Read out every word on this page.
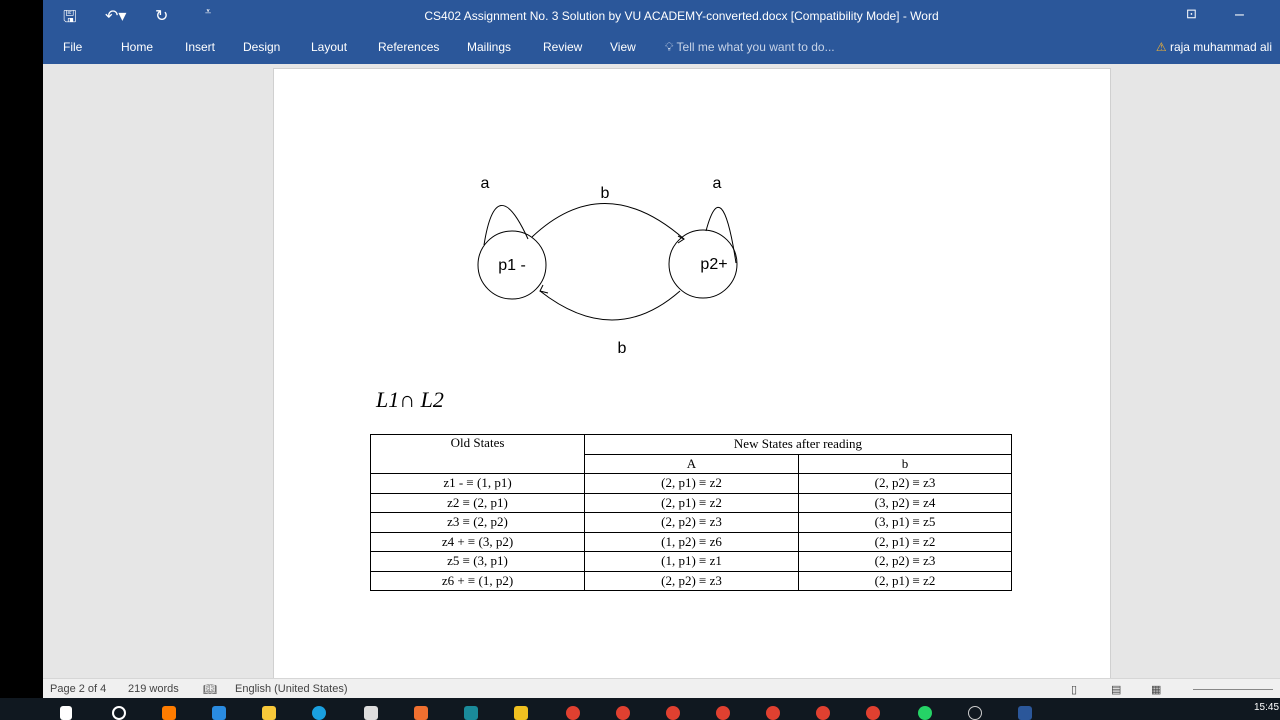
🖫 ↶▾ ↻	⩡	CS402 Assignment No. 3 Solution by VU ACADEMY-converted.docx [Compatibility Mode] - Word	⊡ –
File	Home	Insert Design	Layout	References Mailings	Review View 💡︎ Tell me what you want to do...	⚠ raja muhammad ali
p1 -	p2+
a	a
b
b
L1∩ L2
Old States	New States after reading	
	A	b
z1 - ≡ (1, p1)	(2, p1) ≡ z2	(2, p2) ≡ z3
z2 ≡ (2, p1)	(2, p1) ≡ z2	(3, p2) ≡ z4
z3 ≡ (2, p2)	(2, p2) ≡ z3	(3, p1) ≡ z5
z4 + ≡ (3, p2)	(1, p2) ≡ z6	(2, p1) ≡ z2
z5 ≡ (3, p1)	(1, p1) ≡ z1	(2, p2) ≡ z3
z6 + ≡ (1, p2)	(2, p2) ≡ z3	(2, p1) ≡ z2
Page 2 of 4 219 words 📖︎ English (United States)	▯	▤	▦
15:45
